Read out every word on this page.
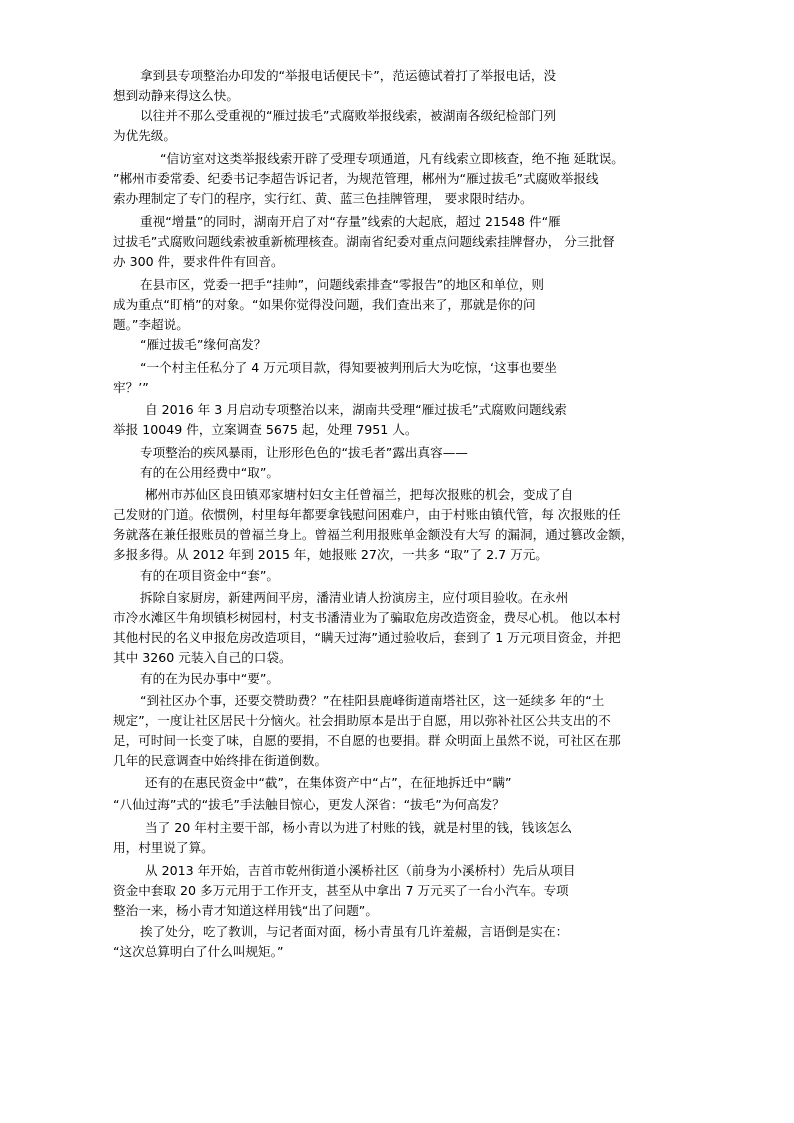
拿到县专项整治办印发的“举报电话便民卡”，范运德试着打了举报电话，没
想到动静来得这么快。
以往并不那么受重视的“雁过拔毛”式腐败举报线索，被湖南各级纪检部门列
为优先级。
“信访室对这类举报线索开辟了受理专项通道，凡有线索立即核查，绝不拖 延耽误。
”郴州市委常委、纪委书记李超告诉记者，为规范管理，郴州为“雁过拔毛”式腐败举报线
索办理制定了专门的程序，实行红、黄、蓝三色挂牌管理， 要求限时结办。
重视“增量”的同时，湖南开启了对“存量”线索的大起底，超过 21548 件“雁
过拔毛”式腐败问题线索被重新梳理核查。湖南省纪委对重点问题线索挂牌督办， 分三批督
办 300 件，要求件件有回音。
在县市区，党委一把手“挂帅”，问题线索排查“零报告”的地区和单位，则
成为重点“盯梢”的对象。“如果你觉得没问题，我们查出来了，那就是你的问
题。”李超说。
“雁过拔毛”缘何高发？
“一个村主任私分了 4 万元项目款，得知要被判刑后大为吃惊，‘这事也要坐
牢？’”
自 2016 年 3 月启动专项整治以来，湖南共受理“雁过拔毛”式腐败问题线索
举报 10049 件，立案调查 5675 起，处理 7951 人。
专项整治的疾风暴雨，让形形色色的“拔毛者”露出真容——
有的在公用经费中“取”。
郴州市苏仙区良田镇邓家塘村妇女主任曾福兰，把每次报账的机会，变成了自
己发财的门道。依惯例，村里每年都要拿钱慰问困难户，由于村账由镇代管，每 次报账的任
务就落在兼任报账员的曾福兰身上。曾福兰利用报账单金额没有大写 的漏洞，通过篡改金额，
多报多得。从 2012 年到 2015 年，她报账 27次，一共多 “取”了 2.7 万元。
有的在项目资金中“套”。
拆除自家厨房，新建两间平房，潘清业请人扮演房主，应付项目验收。在永州
市冷水滩区牛角坝镇杉树园村，村支书潘清业为了骗取危房改造资金，费尽心机。 他以本村
其他村民的名义申报危房改造项目，“瞒天过海”通过验收后，套到了 1 万元项目资金，并把
其中 3260 元装入自己的口袋。
有的在为民办事中“要”。
“到社区办个事，还要交赞助费？”在桂阳县鹿峰街道南塔社区，这一延续多 年的“土
规定”，一度让社区居民十分恼火。社会捐助原本是出于自愿，用以弥补社区公共支出的不
足，可时间一长变了味，自愿的要捐，不自愿的也要捐。群 众明面上虽然不说，可社区在那
几年的民意调查中始终排在街道倒数。
还有的在惠民资金中“截”，在集体资产中“占”，在征地拆迁中“瞒”
“八仙过海”式的“拔毛”手法触目惊心，更发人深省：“拔毛”为何高发？
当了 20 年村主要干部，杨小青以为进了村账的钱，就是村里的钱，钱该怎么
用，村里说了算。
从 2013 年开始，吉首市乾州街道小溪桥社区（前身为小溪桥村）先后从项目
资金中套取 20 多万元用于工作开支，甚至从中拿出 7 万元买了一台小汽车。专项
整治一来，杨小青才知道这样用钱“出了问题”。
挨了处分，吃了教训，与记者面对面，杨小青虽有几许羞赧，言语倒是实在：
“这次总算明白了什么叫规矩。”
